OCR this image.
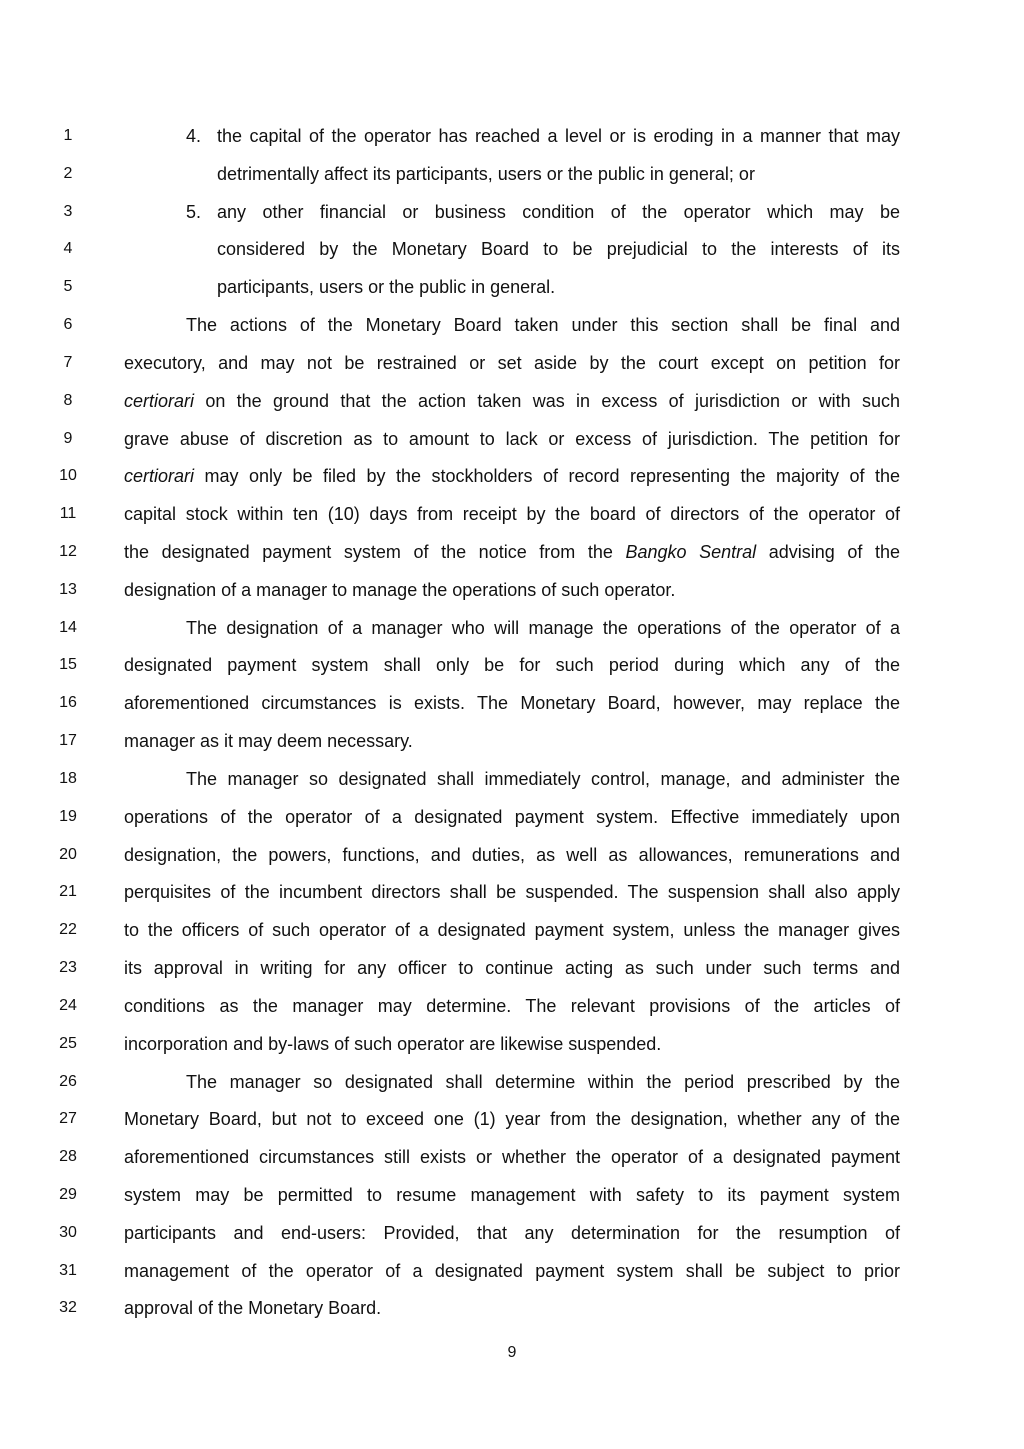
1	4. the capital of the operator has reached a level or is eroding in a manner that may
2	detrimentally affect its participants, users or the public in general; or
3	5. any other financial or business condition of the operator which may be
4	considered by the Monetary Board to be prejudicial to the interests of its
5	participants, users or the public in general.
6	The actions of the Monetary Board taken under this section shall be final and
7	executory, and may not be restrained or set aside by the court except on petition for
8	certiorari on the ground that the action taken was in excess of jurisdiction or with such
9	grave abuse of discretion as to amount to lack or excess of jurisdiction. The petition for
10	certiorari may only be filed by the stockholders of record representing the majority of the
11	capital stock within ten (10) days from receipt by the board of directors of the operator of
12	the designated payment system of the notice from the Bangko Sentral advising of the
13	designation of a manager to manage the operations of such operator.
14	The designation of a manager who will manage the operations of the operator of a
15	designated payment system shall only be for such period during which any of the
16	aforementioned circumstances is exists. The Monetary Board, however, may replace the
17	manager as it may deem necessary.
18	The manager so designated shall immediately control, manage, and administer the
19	operations of the operator of a designated payment system. Effective immediately upon
20	designation, the powers, functions, and duties, as well as allowances, remunerations and
21	perquisites of the incumbent directors shall be suspended. The suspension shall also apply
22	to the officers of such operator of a designated payment system, unless the manager gives
23	its approval in writing for any officer to continue acting as such under such terms and
24	conditions as the manager may determine. The relevant provisions of the articles of
25	incorporation and by-laws of such operator are likewise suspended.
26	The manager so designated shall determine within the period prescribed by the
27	Monetary Board, but not to exceed one (1) year from the designation, whether any of the
28	aforementioned circumstances still exists or whether the operator of a designated payment
29	system may be permitted to resume management with safety to its payment system
30	participants and end-users: Provided, that any determination for the resumption of
31	management of the operator of a designated payment system shall be subject to prior
32	approval of the Monetary Board.
9
